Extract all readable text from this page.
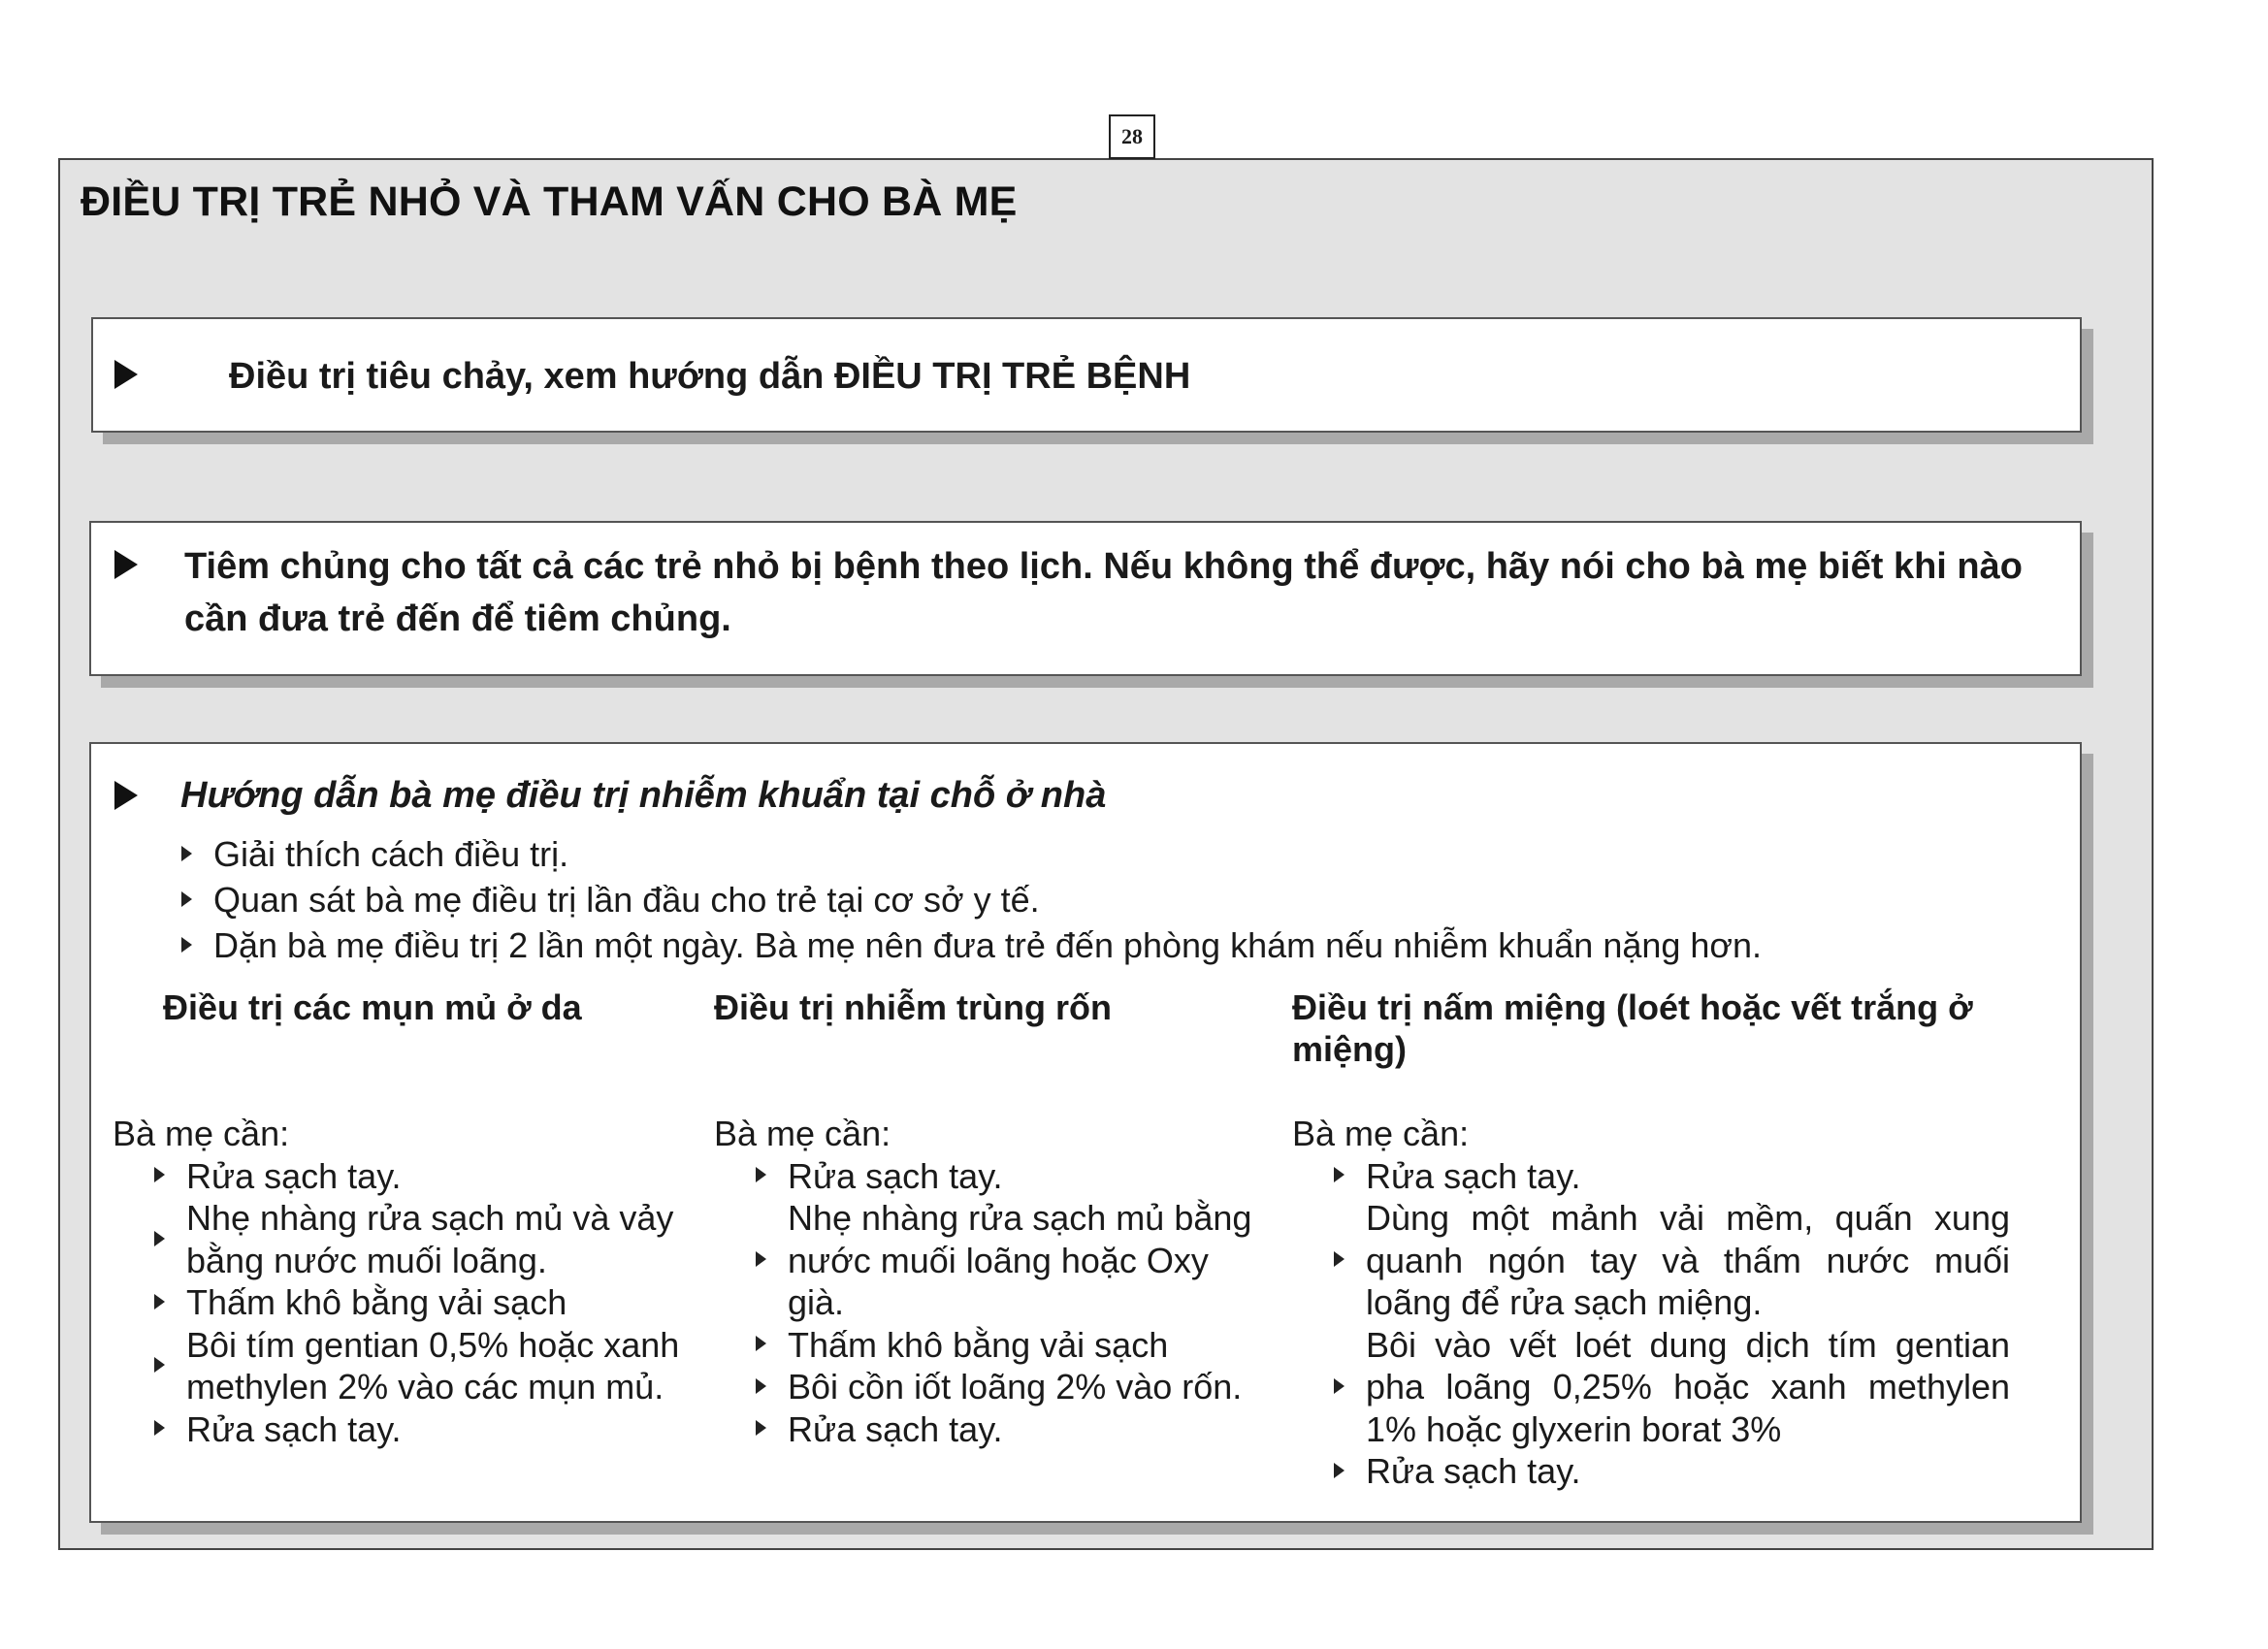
28
ĐIỀU TRỊ TRẺ NHỎ VÀ THAM VẤN CHO BÀ MẸ
Điều trị tiêu chảy, xem hướng dẫn ĐIỀU TRỊ TRẺ BỆNH
Tiêm chủng cho tất cả các trẻ nhỏ bị bệnh theo lịch. Nếu không thể được, hãy nói cho bà mẹ biết khi nào cần đưa trẻ đến để tiêm chủng.
Hướng dẫn bà mẹ điều trị nhiễm khuẩn tại chỗ ở nhà
Giải thích cách điều trị.
Quan sát bà mẹ điều trị lần đầu cho trẻ tại cơ sở y tế.
Dặn bà mẹ điều trị 2 lần một ngày. Bà mẹ nên đưa trẻ đến phòng khám nếu nhiễm khuẩn nặng hơn.
Điều trị các mụn mủ ở da
Bà mẹ cần:
Rửa sạch tay.
Nhẹ nhàng rửa sạch mủ và vảy bằng nước muối loãng.
Thấm khô bằng vải sạch
Bôi tím gentian 0,5% hoặc xanh methylen 2% vào các mụn mủ.
Rửa sạch tay.
Điều trị nhiễm trùng rốn
Bà mẹ cần:
Rửa sạch tay.
Nhẹ nhàng rửa sạch mủ bằng nước muối loãng hoặc Oxy già.
Thấm khô bằng vải sạch
Bôi cồn iốt loãng 2% vào rốn.
Rửa sạch tay.
Điều trị nấm miệng (loét hoặc vết trắng ở miệng)
Bà mẹ cần:
Rửa sạch tay.
Dùng một mảnh vải mềm, quấn xung quanh ngón tay và thấm nước muối loãng để rửa sạch miệng.
Bôi vào vết loét dung dịch tím gentian pha loãng 0,25% hoặc xanh methylen 1% hoặc glyxerin borat 3%
Rửa sạch tay.
